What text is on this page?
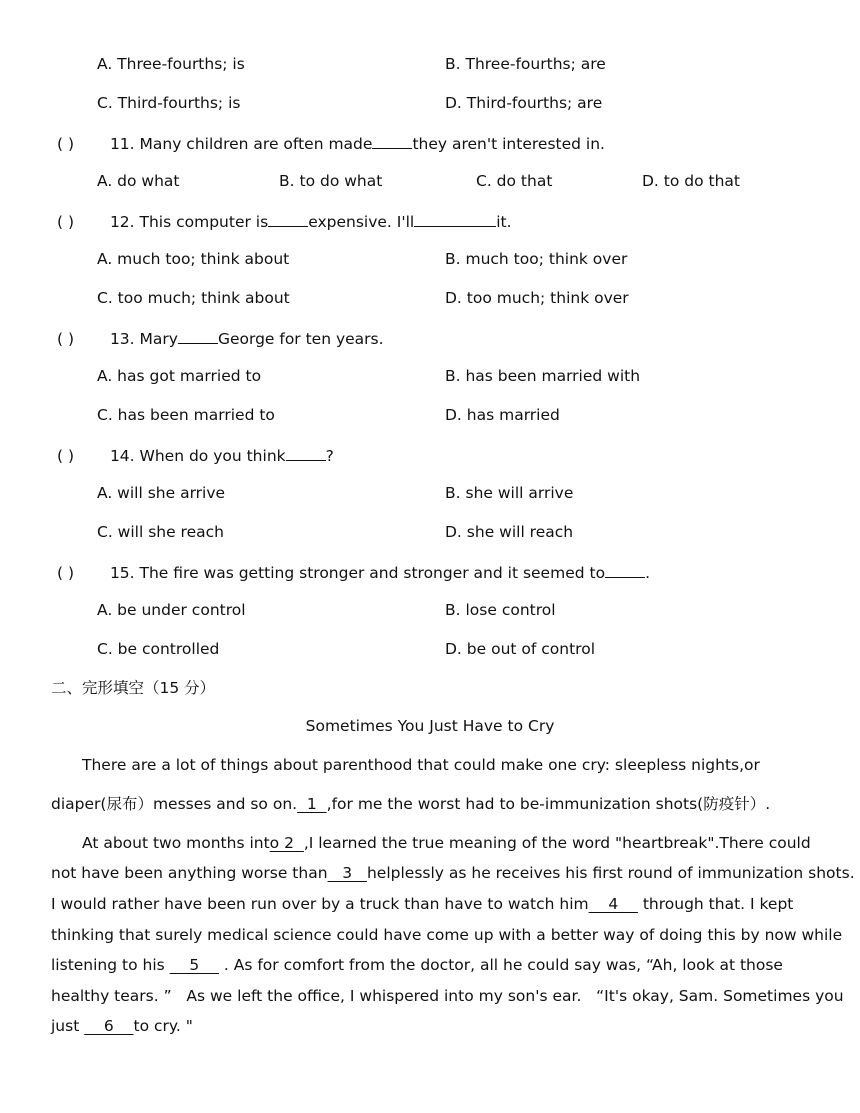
A. Three-fourths; is	B. Three-fourths; are
C. Third-fourths; is	D. Third-fourths; are
( ) 11. Many children are often made	they aren't interested in.
A. do what	B. to do what	C. do that	D. to do that
( ) 12. This computer is	expensive. I'll	it.
A. much too; think about	B. much too; think over
C. too much; think about	D. too much; think over
( ) 13. Mary	George for ten years.
A. has got married to	B. has been married with
C. has been married to	D. has married
( ) 14. When do you think	?
A. will she arrive	B. she will arrive
C. will she reach	D. she will reach
( ) 15. The fire was getting stronger and stronger and it seemed to	.
A. be under control	B. lose control
C. be controlled	D. be out of control
二、完形填空（15 分）
Sometimes You Just Have to Cry
There are a lot of things about parenthood that could make one cry: sleepless nights,or
diaper(尿布）messes and so on.  1  ,for me the worst had to be-immunization shots(防疫针）.
At about two months into 2  ,I learned the true meaning of the word "heartbreak".There could
not have been anything worse than   3   helplessly as he receives his first round of immunization shots.
I would rather have been run over by a truck than have to watch him    4     through that. I kept
thinking that surely medical science could have come up with a better way of doing this by now while
listening to his     5     . As for comfort from the doctor, all he could say was, “Ah, look at those
healthy tears. ”   As we left the office, I whispered into my son's ear.   “It's okay, Sam. Sometimes you
just     6    to cry. "
